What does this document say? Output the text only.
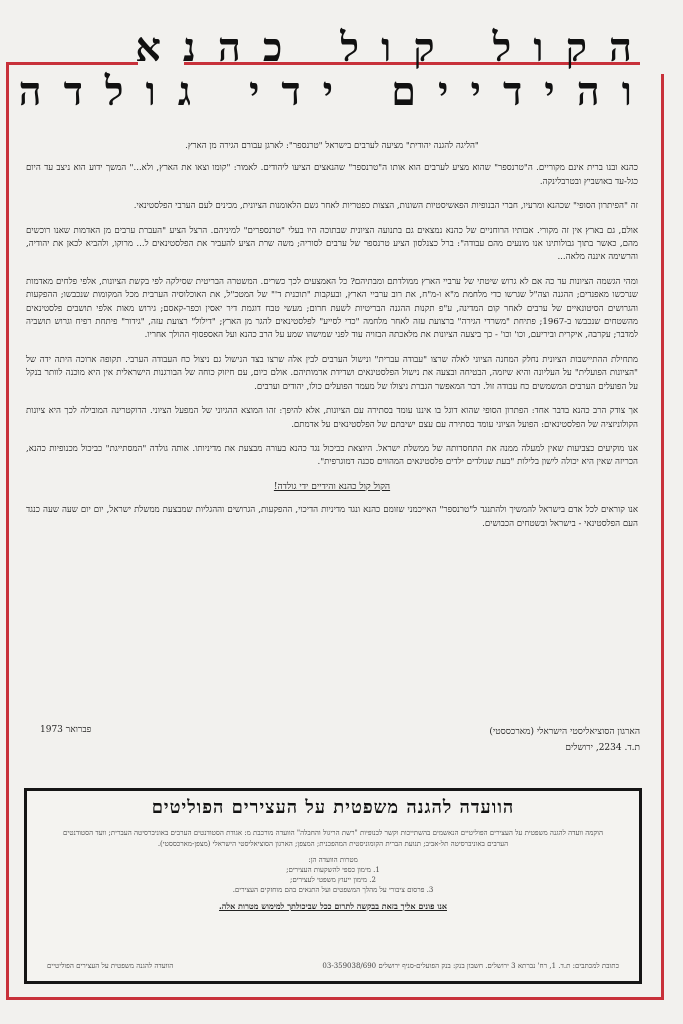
הקול קול כהנא
והידיים ידי גולדה

"הליגה להגנה יהודית" מציעה לערבים בישראל "טרנספר": לארגן עבורם הגירה מן הארץ.

כהנא ובנו ברית אינם מקוריים. ה"טרנספר" שהוא מציע לערבים הוא אותו ה"טרנספר" שהנאצים הציעו ליהודים. לאמור: "קומו וצאו את הארץ, ולא..." המשך ידוע הוא ניצב עד היום כגל-עד באושביץ ובטרבלינקה.

זה "הפיתרון הסופי" שכהנא ומרעיו, חברי הבנופיות הפאשיסטיות השונות, הצצות כפטריות לאחר גשם הלאומנות הציונית, מכינים לעם הערבי הפלסטינאי.

אולם, גם בארץ אין זה מקורי. אבותיו הרוחניים של כהנא נמצאים גם בתנועה הציונית שבתוכה היו בעלי "טרנספרים" למיניהם. הרצל הציע "העברת ערבים מן האדמות שאנו רוכשים מהם, כאשר בתוך גבולותינו אנו מונעים מהם עבודה": ברל כצנלסון הציע טרנספר של ערבים לסוריה; משה שרת הציע להעביר את הפלסטינאים ל... מרוקו, ולהביא לכאן את יהודיה, והרשימה איננה מלאה...

ומהי הגשמה הציונות עד כה אם לא גרוש שיטתי של ערביי הארץ ממולדתם ומבתיהם? כל האמצעים לכך כשרים. המשטרה הבריטית שסילקה לפי בקשת הציונות, אלפי פלחים מאדמות שנרכשו מאפנדים; ההגנה וצה"ל שגרשו כדי מלחמת מ"א ו-מ"ח, את רוב ערביי הארץ, ובעקבות "תוכנית ד'" של המטכ"ל, את האוכלוסיה הערבית מכל המקומות שנכבשו; ההפקעות והגרושים הסיטונאיים של ערבים לאחר קום המדינה, ע"פ תקנות ההגנה הבריטיות לשעת חרום; מעשי טבח דוגמת דיר יאסין וכפר-קאסם; גירוש מאות אלפי תושבים פלסטינאים מהשטחים שנכבשו ב-1967; פתיחת "משרדי הגירה" ברצועת עזה לאחר מלחמה "כדי לסייע" לפלסטינאים להגר מן הארץ; "דילול" רצועת עזה, "גידור" פיתחת רפיח וגרוש תושביה למדבר; עקרבה, איקרית וביריעם, וכו' וכו' - כך ביצעה הציונות את מלאכתה הבזויה עוד לפני שמישהו שמע על הרב כהנא ועל האספסוף ההולך אחריו.

מתחילת ההתיישבות הציונית נחלק המחנה הציוני לאלה שרצו "עבודה עברית" ונישול הערבים לבין אלה שרצו בצד הנישול גם ניצול כח העבודה הערבי. תקופה ארוכה היתה ידה של "הציונות הפועלית" על העליונה והיא שיזמה, הבטיחה ובצעה את נישול הפלסטינאים ושדידת אדמותיהם. אולם כיום, עם חיזוק כוחה של הבורגנות הישראלית אין היא מוכנה לוותר בנקל על הפועלים הערבים המשמשים כח עבודה זול. דבר המאפשר הגברת ניצולו של מעמד הפועלים כולו, יהודים וערבים.

אך צודק הרב כהנא בדבר אחד: הפתרון הסופי שהוא דוגל בו איננו עומד בסתירה עם הציונות, אלא להיפך: זהו המוצא ההגיוני של המפעל הציוני. הדוקטרינה המובילה לכך היא ציונות הקולוניזציה של הפלסטינאים: הפועל הציוני עומד בסתירה עם עצם ישיבתם של הפלסטינאים על אדמתם.

אנו מוקיעים כצביעות שאין למעלה ממנה את התחסדותה של ממשלת ישראל. היוצאת כביכול נגד כהנא בעורה מבצעת את מדיניותו. אותה גולדה "המסתייגת" כביכול מכנופיות כהנא, הכריזה שאין היא יכולה לישון בלילות "בעת שנולדים ילדים פלסטינאים המהווים סכנה דמוגרפית".

הקול קול כהנא והידיים ידי גולדה!

אנו קוראים לכל אדם בישראל להמשיך ולהתנגד ל"טרנספר" האייכמני שזומם כהנא ונגד מדיניות הדיכוי, ההפקעות, הגרושים וההגליות שמבצעת ממשלת ישראל, יום יום שעה שעה כנגד העם הפלסטינאי - בישראל ובשטחים הכבושים.

הארגון הסוציאליסטי הישראלי (מארכססטי)
ת.ד. 2234, ירושלים
פברואר 1973
הוועדה להגנה משפטית על העצירים הפוליטים
הוקמה וועדה להגנה משפטית על העצירים הפוליטיים הנאשמים בהשתייכות וקשר לכנופיות "רשת הריגול והחבלה" הוועדה מורכבת מ: אגודת הסטודנטים הערבים באוניברסיטה העברית; וועד הסטודנטים הערבים באוניברסיטה תל-אביב; תנועת הברית הקומוניסטית המהפכנית; המצפן; הארגון הסוציאליסטי הישראלי (מצפן-מארכססטי).
מטרות הוועדה הן:
1. מימון כספי להשקעות העצירים;
2. מימון ייעוץ משפטי לעצירים;
3. פרסום ציבורי על מהלך המשפטים ועל התנאים בהם מוחזקים העצירים.
אנו פונים אליך בזאת בבקשה לתרום ככל שביכולתך למימוש מטרות אלה.
כתובת למכתבים: ת.ד. 1, רח' נברתא 3 ירושלים. חשבון בנק: בנק הפועלים-סניף ירושלים 03-359038/690
הוועדה להגנה משפטית על העצירים הפוליטיים
